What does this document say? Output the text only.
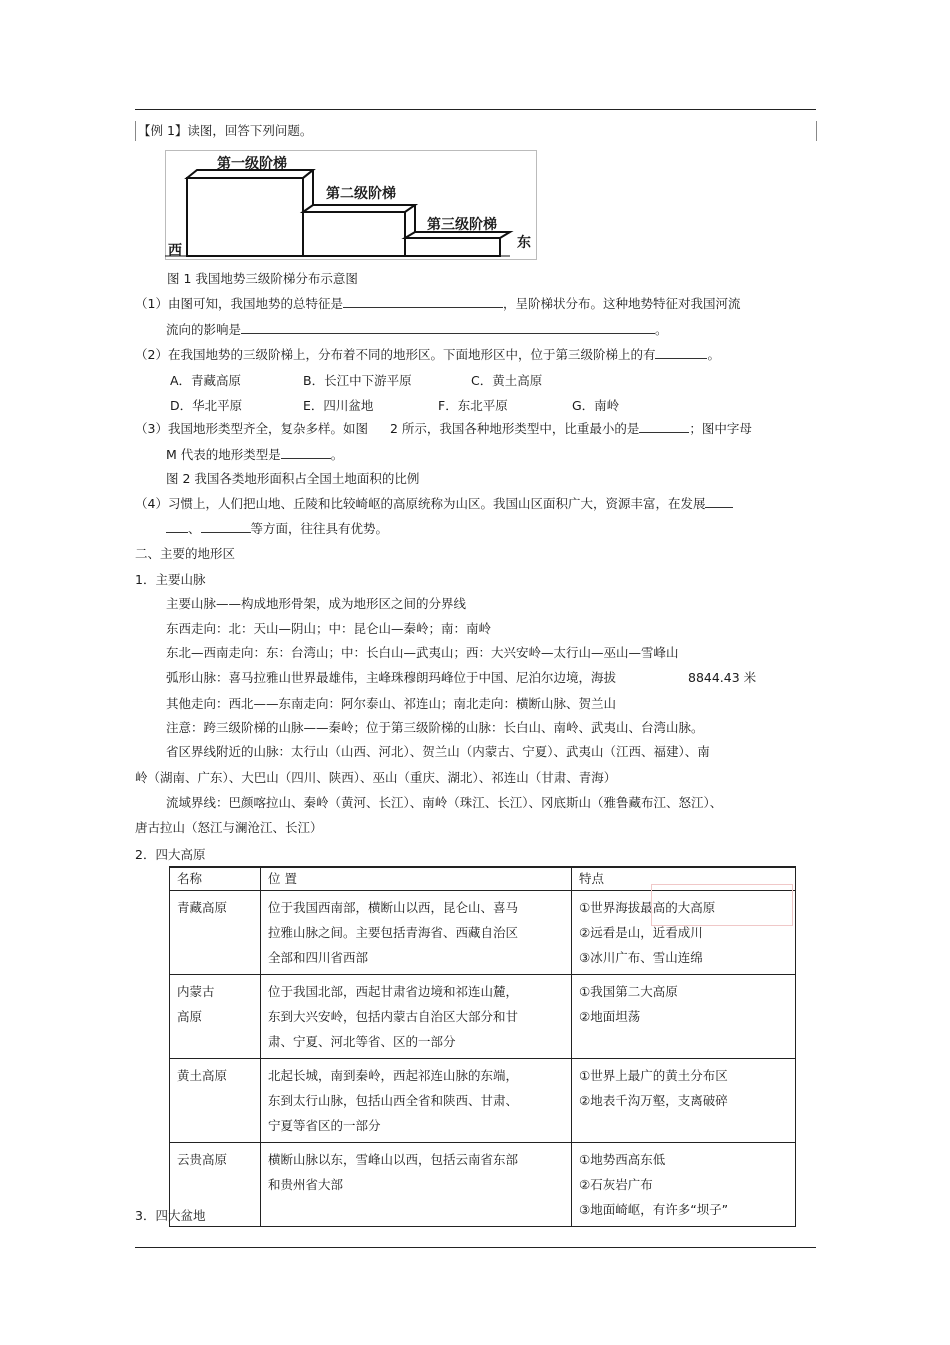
【例 1】读图，回答下列问题。
第一级阶梯
第二级阶梯
第三级阶梯
西	东
图 1 我国地势三级阶梯分布示意图
（1）由图可知，我国地势的总特征是	，呈阶梯状分布。这种地势特征对我国河流
流向的影响是	。
（2）在我国地势的三级阶梯上，分布着不同的地形区。下面地形区中，位于第三级阶梯上的有	。
A．青藏高原	B．长江中下游平原	C．黄土高原
D．华北平原	E．四川盆地	F．东北平原	G．南岭
（3）我国地形类型齐全，复杂多样。如图 2 所示，我国各种地形类型中，比重最小的是	；图中字母
M 代表的地形类型是	。
图 2 我国各类地形面积占全国土地面积的比例
（4）习惯上，人们把山地、丘陵和比较崎岖的高原统称为山区。我国山区面积广大，资源丰富，在发展
、	等方面，往往具有优势。
二、主要的地形区
1．主要山脉
主要山脉——构成地形骨架，成为地形区之间的分界线
东西走向：北：天山—阴山；中：昆仑山—秦岭；南：南岭
东北—西南走向：东：台湾山；中：长白山—武夷山；西：大兴安岭—太行山—巫山—雪峰山
弧形山脉：喜马拉雅山世界最雄伟，主峰珠穆朗玛峰位于中国、尼泊尔边境，海拔	8844.43 米
其他走向：西北——东南走向：阿尔泰山、祁连山；南北走向：横断山脉、贺兰山
注意：跨三级阶梯的山脉——秦岭；位于第三级阶梯的山脉：长白山、南岭、武夷山、台湾山脉。
省区界线附近的山脉：太行山（山西、河北）、贺兰山（内蒙古、宁夏）、武夷山（江西、福建）、南
岭（湖南、广东）、大巴山（四川、陕西）、巫山（重庆、湖北）、祁连山（甘肃、青海）
流域界线：巴颜喀拉山、秦岭（黄河、长江）、南岭（珠江、长江）、冈底斯山（雅鲁藏布江、怒江）、
唐古拉山（怒江与澜沧江、长江）
2．四大高原
名称	位 置	特点

青藏高原	位于我国西南部，横断山以西，昆仑山、喜马
拉雅山脉之间。主要包括青海省、西藏自治区
全部和四川省西部	①世界海拔最高的大高原
②远看是山，近看成川
③冰川广布、雪山连绵

内蒙古
高原	位于我国北部，西起甘肃省边境和祁连山麓，
东到大兴安岭，包括内蒙古自治区大部分和甘
肃、宁夏、河北等省、区的一部分	①我国第二大高原
②地面坦荡

黄土高原	北起长城，南到秦岭，西起祁连山脉的东端，
东到太行山脉，包括山西全省和陕西、甘肃、
宁夏等省区的一部分	①世界上最广的黄土分布区
②地表千沟万壑，支离破碎

云贵高原	横断山脉以东，雪峰山以西，包括云南省东部
和贵州省大部	①地势西高东低
②石灰岩广布
③地面崎岖，有许多“坝子”
3．四大盆地
